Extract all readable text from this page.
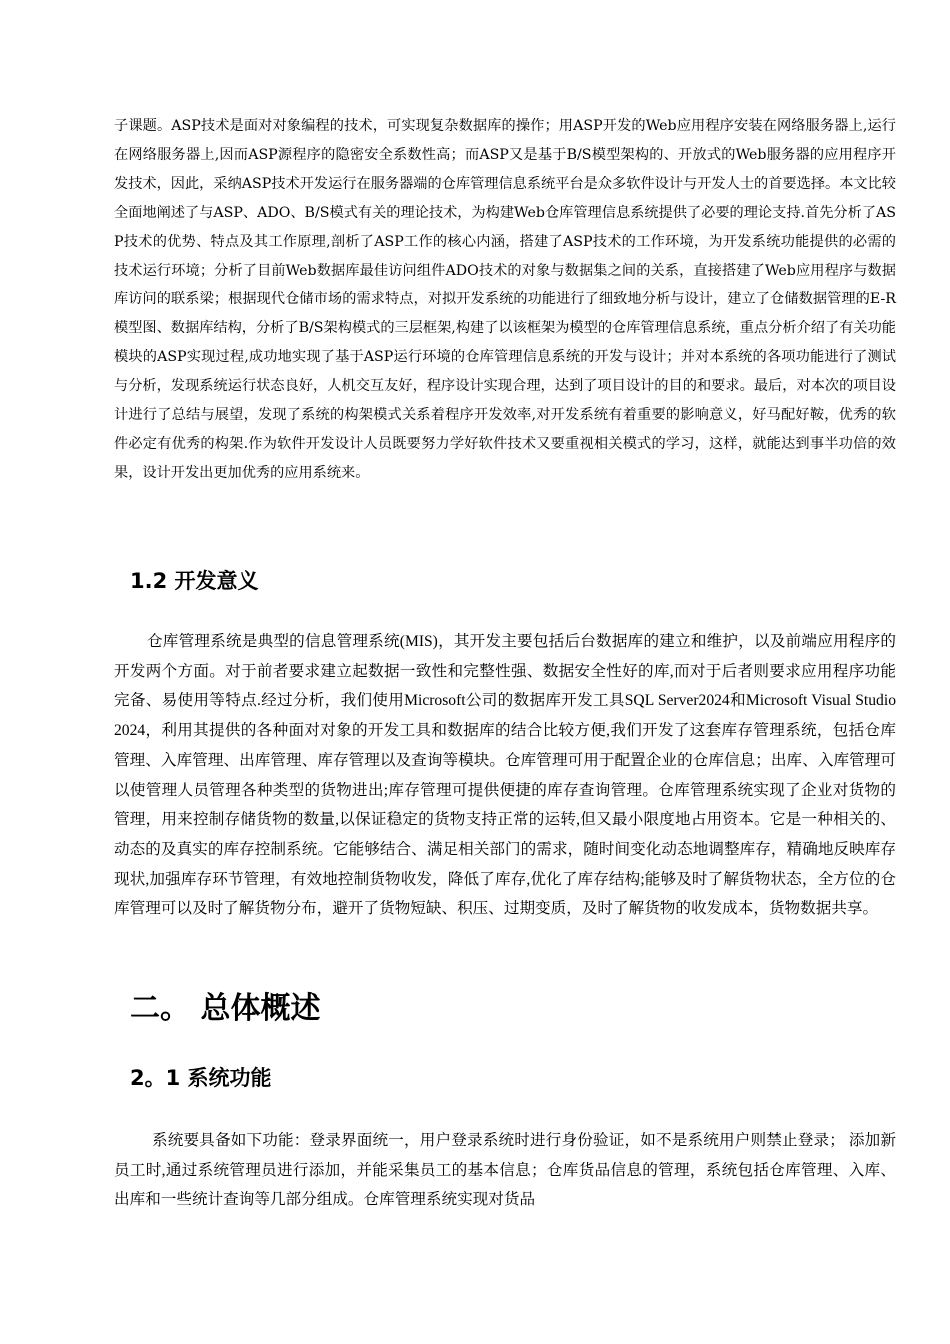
子课题。ASP技术是面对对象编程的技术，可实现复杂数据库的操作；用ASP开发的Web应用程序安装在网络服务器上,运行在网络服务器上,因而ASP源程序的隐密安全系数性高；而ASP又是基于B/S模型架构的、开放式的Web服务器的应用程序开发技术，因此，采纳ASP技术开发运行在服务器端的仓库管理信息系统平台是众多软件设计与开发人士的首要选择。本文比较全面地阐述了与ASP、ADO、B/S模式有关的理论技术，为构建Web仓库管理信息系统提供了必要的理论支持.首先分析了ASP技术的优势、特点及其工作原理,剖析了ASP工作的核心内涵，搭建了ASP技术的工作环境，为开发系统功能提供的必需的技术运行环境；分析了目前Web数据库最佳访问组件ADO技术的对象与数据集之间的关系，直接搭建了Web应用程序与数据库访问的联系梁；根据现代仓储市场的需求特点，对拟开发系统的功能进行了细致地分析与设计，建立了仓储数据管理的E-R模型图、数据库结构，分析了B/S架构模式的三层框架,构建了以该框架为模型的仓库管理信息系统，重点分析介绍了有关功能模块的ASP实现过程,成功地实现了基于ASP运行环境的仓库管理信息系统的开发与设计；并对本系统的各项功能进行了测试与分析，发现系统运行状态良好，人机交互友好，程序设计实现合理，达到了项目设计的目的和要求。最后，对本次的项目设计进行了总结与展望，发现了系统的构架模式关系着程序开发效率,对开发系统有着重要的影响意义，好马配好鞍，优秀的软件必定有优秀的构架.作为软件开发设计人员既要努力学好软件技术又要重视相关模式的学习，这样，就能达到事半功倍的效果，设计开发出更加优秀的应用系统来。

1.2 开发意义

仓库管理系统是典型的信息管理系统(MIS)，其开发主要包括后台数据库的建立和维护，以及前端应用程序的开发两个方面。对于前者要求建立起数据一致性和完整性强、数据安全性好的库,而对于后者则要求应用程序功能完备、易使用等特点.经过分析，我们使用Microsoft公司的数据库开发工具SQL Server2024和Microsoft Visual Studio 2024，利用其提供的各种面对对象的开发工具和数据库的结合比较方便,我们开发了这套库存管理系统，包括仓库管理、入库管理、出库管理、库存管理以及查询等模块。仓库管理可用于配置企业的仓库信息；出库、入库管理可以使管理人员管理各种类型的货物进出;库存管理可提供便捷的库存查询管理。仓库管理系统实现了企业对货物的管理，用来控制存储货物的数量,以保证稳定的货物支持正常的运转,但又最小限度地占用资本。它是一种相关的、动态的及真实的库存控制系统。它能够结合、满足相关部门的需求，随时间变化动态地调整库存，精确地反映库存现状,加强库存环节管理，有效地控制货物收发，降低了库存,优化了库存结构;能够及时了解货物状态，全方位的仓库管理可以及时了解货物分布，避开了货物短缺、积压、过期变质，及时了解货物的收发成本，货物数据共享。

二。 总体概述
2。1 系统功能

系统要具备如下功能：登录界面统一，用户登录系统时进行身份验证，如不是系统用户则禁止登录； 添加新员工时,通过系统管理员进行添加，并能采集员工的基本信息；仓库货品信息的管理，系统包括仓库管理、入库、出库和一些统计查询等几部分组成。仓库管理系统实现对货品
